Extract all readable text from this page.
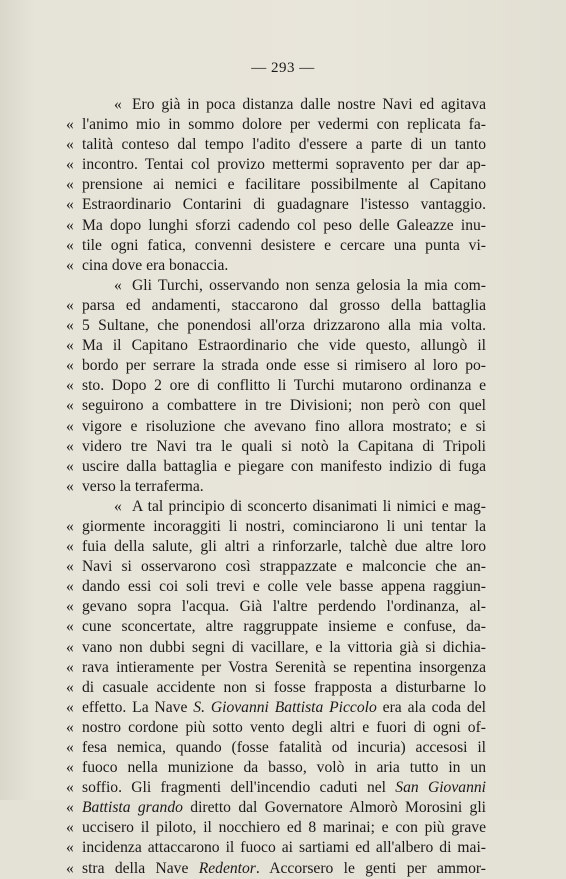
— 293 —
« Ero già in poca distanza dalle nostre Navi ed agitava
« l'animo mio in sommo dolore per vedermi con replicata fa-
« talità conteso dal tempo l'adito d'essere a parte di un tanto
« incontro. Tentai col provizo mettermi sopravento per dar ap-
« prensione ai nemici e facilitare possibilmente al Capitano
« Estraordinario Contarini di guadagnare l'istesso vantaggio.
« Ma dopo lunghi sforzi cadendo col peso delle Galeazze inu-
« tile ogni fatica, convenni desistere e cercare una punta vi-
« cina dove era bonaccia.
« Gli Turchi, osservando non senza gelosia la mia com-
« parsa ed andamenti, staccarono dal grosso della battaglia
« 5 Sultane, che ponendosi all'orza drizzarono alla mia volta.
« Ma il Capitano Estraordinario che vide questo, allungò il
« bordo per serrare la strada onde esse si rimisero al loro po-
« sto. Dopo 2 ore di conflitto li Turchi mutarono ordinanza e
« seguirono a combattere in tre Divisioni; non però con quel
« vigore e risoluzione che avevano fino allora mostrato; e si
« videro tre Navi tra le quali si notò la Capitana di Tripoli
« uscire dalla battaglia e piegare con manifesto indizio di fuga
« verso la terraferma.
« A tal principio di sconcerto disanimati li nimici e mag-
« giormente incoraggiti li nostri, cominciarono li uni tentar la
« fuia della salute, gli altri a rinforzarle, talchè due altre loro
« Navi si osservarono così strappazzate e malconcie che an-
« dando essi coi soli trevi e colle vele basse appena raggiun-
« gevano sopra l'acqua. Già l'altre perdendo l'ordinanza, al-
« cune sconcertate, altre raggruppate insieme e confuse, da-
« vano non dubbi segni di vacillare, e la vittoria già si dichia-
« rava intieramente per Vostra Serenità se repentina insorgenza
« di casuale accidente non si fosse frapposta a disturbarne lo
« effetto. La Nave S. Giovanni Battista Piccolo era ala coda del
« nostro cordone più sotto vento degli altri e fuori di ogni of-
« fesa nemica, quando (fosse fatalità od incuria) accesosi il
« fuoco nella munizione da basso, volò in aria tutto in un
« soffio. Gli fragmenti dell'incendio caduti nel San Giovanni
« Battista grando diretto dal Governatore Almorò Morosini gli
« uccisero il piloto, il nocchiero ed 8 marinai; e con più grave
« incidenza attaccarono il fuoco ai sartiami ed all'albero di mai-
« stra della Nave Redentor. Accorsero le genti per ammor-
